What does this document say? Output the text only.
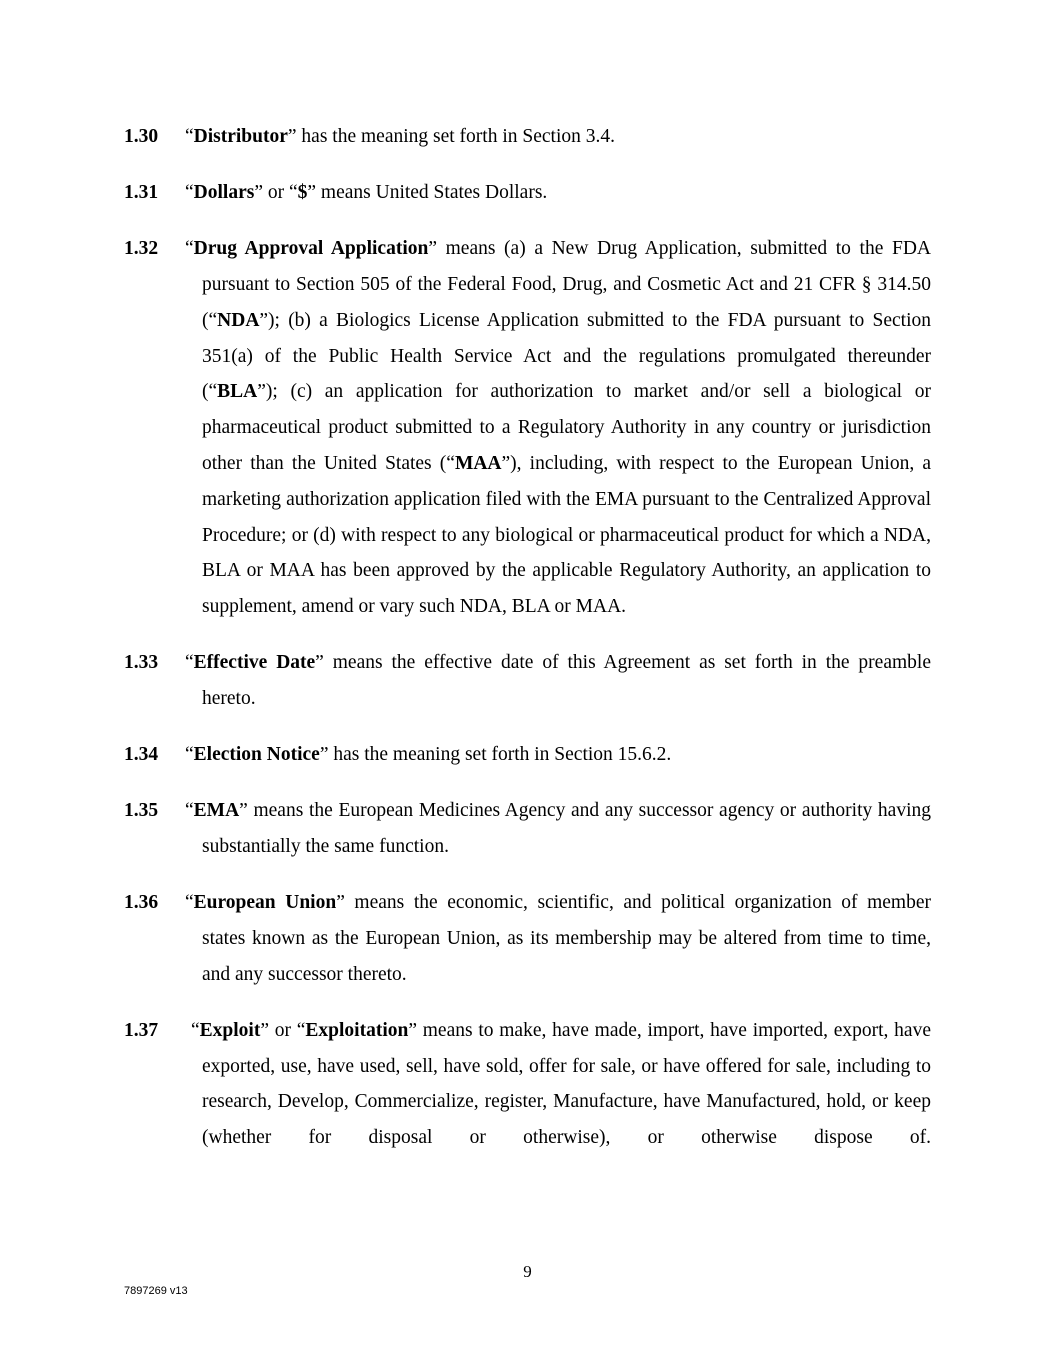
1.30	“Distributor” has the meaning set forth in Section 3.4.
1.31	“Dollars” or “$” means United States Dollars.
1.32	“Drug Approval Application” means (a) a New Drug Application, submitted to the FDA pursuant to Section 505 of the Federal Food, Drug, and Cosmetic Act and 21 CFR § 314.50 (“NDA”); (b) a Biologics License Application submitted to the FDA pursuant to Section 351(a) of the Public Health Service Act and the regulations promulgated thereunder (“BLA”); (c) an application for authorization to market and/or sell a biological or pharmaceutical product submitted to a Regulatory Authority in any country or jurisdiction other than the United States (“MAA”), including, with respect to the European Union, a marketing authorization application filed with the EMA pursuant to the Centralized Approval Procedure; or (d) with respect to any biological or pharmaceutical product for which a NDA, BLA or MAA has been approved by the applicable Regulatory Authority, an application to supplement, amend or vary such NDA, BLA or MAA.
1.33	“Effective Date” means the effective date of this Agreement as set forth in the preamble hereto.
1.34	“Election Notice” has the meaning set forth in Section 15.6.2.
1.35	“EMA” means the European Medicines Agency and any successor agency or authority having substantially the same function.
1.36	“European Union” means the economic, scientific, and political organization of member states known as the European Union, as its membership may be altered from time to time, and any successor thereto.
1.37	“Exploit” or “Exploitation” means to make, have made, import, have imported, export, have exported, use, have used, sell, have sold, offer for sale, or have offered for sale, including to research, Develop, Commercialize, register, Manufacture, have Manufactured, hold, or keep (whether for disposal or otherwise), or otherwise dispose of.
9
7897269 v13
